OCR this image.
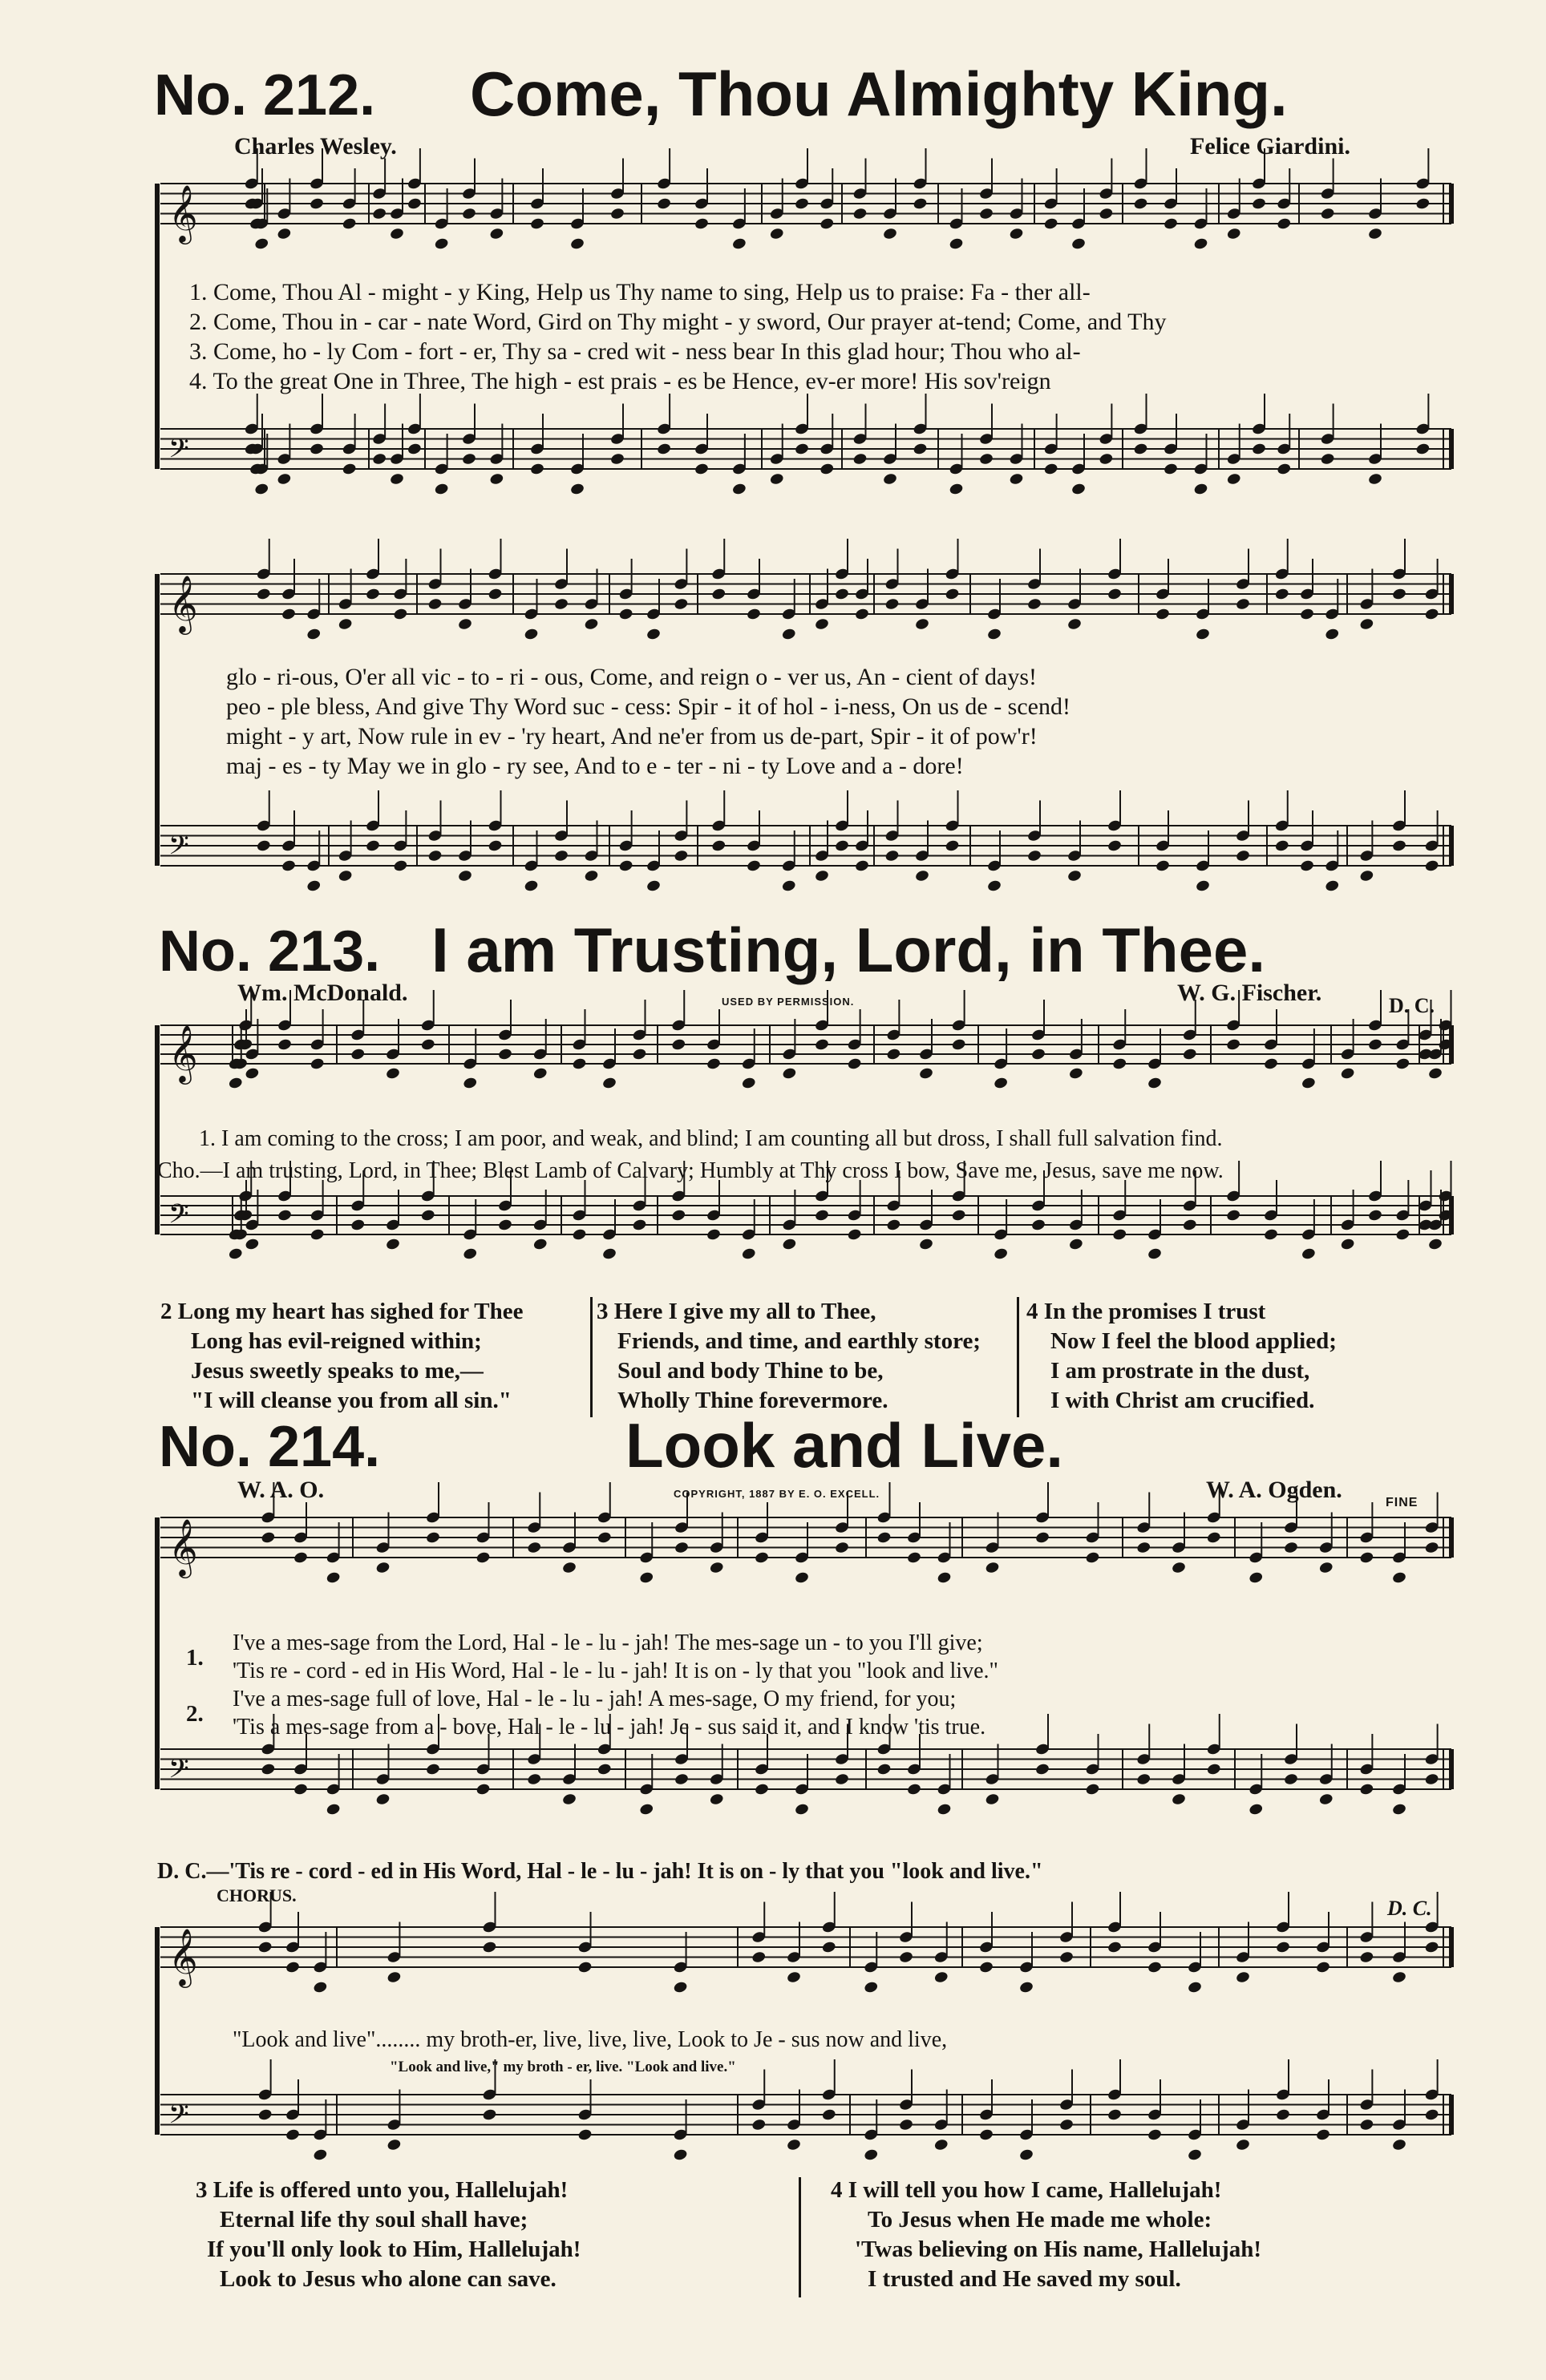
𝄞
𝄢
𝄞
𝄢
𝄞
𝄢
𝄞
𝄢
𝄞
𝄢
No. 212. Come, Thou Almighty King.
Charles Wesley.	Felice Giardini.
1. Come, Thou Al - might - y King, Help us Thy name to sing, Help us to praise: Fa - ther all-
2. Come, Thou in - car - nate Word, Gird on Thy might - y sword, Our prayer at-tend; Come, and Thy
3. Come, ho - ly Com - fort - er, Thy sa - cred wit - ness bear In this glad hour; Thou who al-
4. To the great One in Three, The high - est prais - es be Hence, ev-er more! His sov'reign
glo - ri-ous, O'er all vic - to - ri - ous, Come, and reign o - ver us, An - cient of days!
peo - ple bless, And give Thy Word suc - cess: Spir - it of hol - i-ness, On us de - scend!
might - y art, Now rule in ev - 'ry heart, And ne'er from us de-part, Spir - it of pow'r!
maj - es - ty May we in glo - ry see, And to e - ter - ni - ty Love and a - dore!
No. 213. I am Trusting, Lord, in Thee.
Wm. McDonald.	USED BY PERMISSION.	W. G. Fischer.	D. C.
1. I am coming to the cross; I am poor, and weak, and blind; I am counting all but dross, I shall full salvation find.
Cho.—I am trusting, Lord, in Thee; Blest Lamb of Calvary; Humbly at Thy cross I bow, Save me, Jesus, save me now.
2 Long my heart has sighed for Thee
Long has evil-reigned within;
Jesus sweetly speaks to me,—
"I will cleanse you from all sin."
3 Here I give my all to Thee,
Friends, and time, and earthly store;
Soul and body Thine to be,
Wholly Thine forevermore.
4 In the promises I trust
Now I feel the blood applied;
I am prostrate in the dust,
I with Christ am crucified.
No. 214.	Look and Live.
W. A. O.	COPYRIGHT, 1887 BY E. O. EXCELL.	W. A. Ogden.	FINE
1.
2.
I've a mes-sage from the Lord, Hal - le - lu - jah! The mes-sage un - to you I'll give;
'Tis re - cord - ed in His Word, Hal - le - lu - jah! It is on - ly that you "look and live."
I've a mes-sage full of love, Hal - le - lu - jah! A mes-sage, O my friend, for you;
'Tis a mes-sage from a - bove, Hal - le - lu - jah! Je - sus said it, and I know 'tis true.
D. C.—'Tis re - cord - ed in His Word, Hal - le - lu - jah! It is on - ly that you "look and live."
CHORUS.
D. C.
"Look and live"........ my broth-er, live, live, live, Look to Je - sus now and live,
"Look and live," my broth - er, live. "Look and live."
3 Life is offered unto you, Hallelujah!
Eternal life thy soul shall have;
If you'll only look to Him, Hallelujah!
Look to Jesus who alone can save.
4 I will tell you how I came, Hallelujah!
To Jesus when He made me whole:
'Twas believing on His name, Hallelujah!
I trusted and He saved my soul.
